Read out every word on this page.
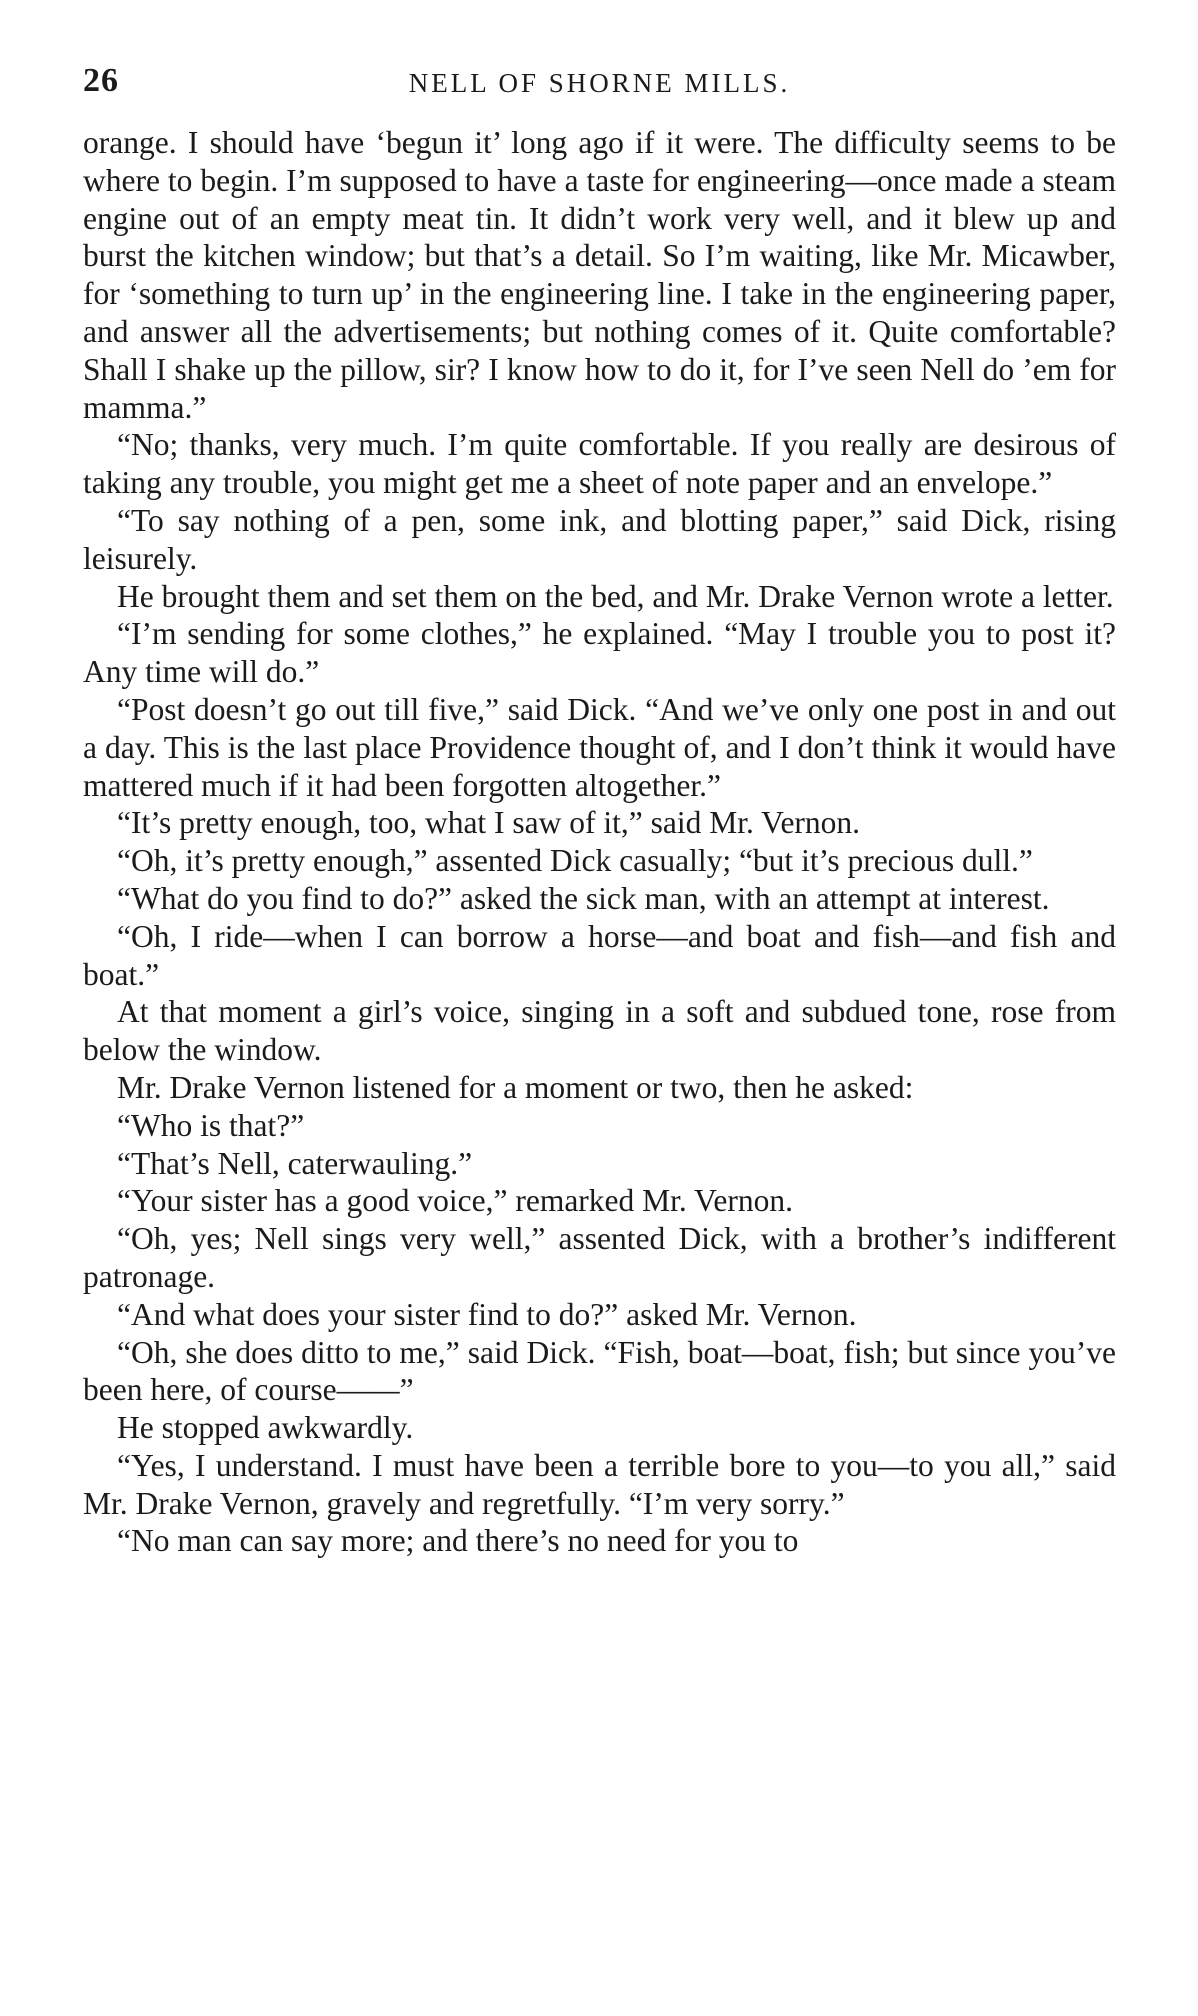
26	NELL OF SHORNE MILLS.

orange. I should have ‘begun it’ long ago if it were. The difficulty seems to be where to begin. I’m supposed to have a taste for engineering—once made a steam engine out of an empty meat tin. It didn’t work very well, and it blew up and burst the kitchen window; but that’s a detail. So I’m waiting, like Mr. Micawber, for ‘something to turn up’ in the engineering line. I take in the engineering paper, and answer all the advertisements; but nothing comes of it. Quite comfortable? Shall I shake up the pillow, sir? I know how to do it, for I’ve seen Nell do ’em for mamma.”

“No; thanks, very much. I’m quite comfortable. If you really are desirous of taking any trouble, you might get me a sheet of note paper and an envelope.”

“To say nothing of a pen, some ink, and blotting paper,” said Dick, rising leisurely.

He brought them and set them on the bed, and Mr. Drake Vernon wrote a letter.

“I’m sending for some clothes,” he explained. “May I trouble you to post it? Any time will do.”

“Post doesn’t go out till five,” said Dick. “And we’ve only one post in and out a day. This is the last place Providence thought of, and I don’t think it would have mattered much if it had been forgotten altogether.”

“It’s pretty enough, too, what I saw of it,” said Mr. Vernon.

“Oh, it’s pretty enough,” assented Dick casually; “but it’s precious dull.”

“What do you find to do?” asked the sick man, with an attempt at interest.

“Oh, I ride—when I can borrow a horse—and boat and fish—and fish and boat.”

At that moment a girl’s voice, singing in a soft and subdued tone, rose from below the window.

Mr. Drake Vernon listened for a moment or two, then he asked:

“Who is that?”

“That’s Nell, caterwauling.”

“Your sister has a good voice,” remarked Mr. Vernon.

“Oh, yes; Nell sings very well,” assented Dick, with a brother’s indifferent patronage.

“And what does your sister find to do?” asked Mr. Vernon.

“Oh, she does ditto to me,” said Dick. “Fish, boat—boat, fish; but since you’ve been here, of course——”

He stopped awkwardly.

“Yes, I understand. I must have been a terrible bore to you—to you all,” said Mr. Drake Vernon, gravely and regretfully. “I’m very sorry.”

“No man can say more; and there’s no need for you to
